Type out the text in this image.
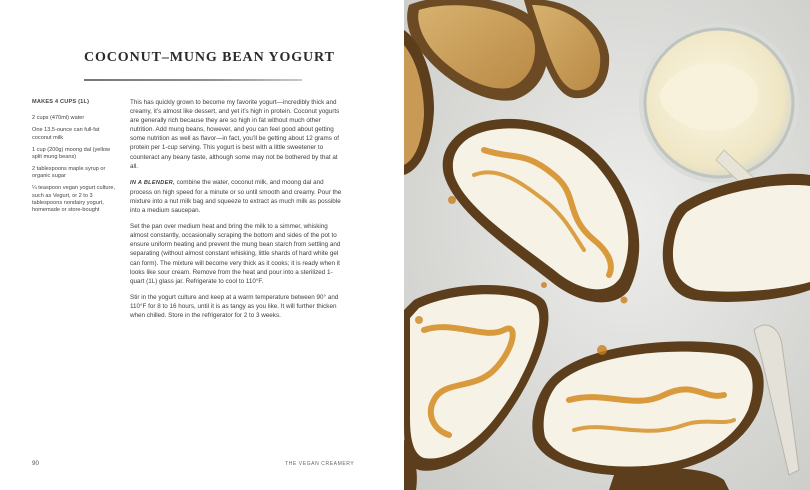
COCONUT–MUNG BEAN YOGURT
MAKES 4 CUPS (1L)
2 cups (470ml) water
One 13.5-ounce can full-fat coconut milk
1 cup (200g) moong dal (yellow split mung beans)
2 tablespoons maple syrup or organic sugar
¼ teaspoon vegan yogurt culture, such as Vegurt, or 2 to 3 tablespoons nondairy yogurt, homemade or store-bought

This has quickly grown to become my favorite yogurt—incredibly thick and creamy, it’s almost like dessert, and yet it’s high in protein. Coconut yogurts are generally rich because they are so high in fat without much other nutrition. Add mung beans, however, and you can feel good about getting some nutrition as well as flavor—in fact, you’ll be getting about 12 grams of protein per 1-cup serving. This yogurt is best with a little sweetener to counteract any beany taste, although some may not be bothered by that at all.

IN A BLENDER, combine the water, coconut milk, and moong dal and process on high speed for a minute or so until smooth and creamy. Pour the mixture into a nut milk bag and squeeze to extract as much milk as possible into a medium saucepan.

Set the pan over medium heat and bring the milk to a simmer, whisking almost constantly, occasionally scraping the bottom and sides of the pot to ensure uniform heating and prevent the mung bean starch from settling and separating (without almost constant whisking, little shards of hard white gel can form). The mixture will become very thick as it cooks; it is ready when it looks like sour cream. Remove from the heat and pour into a sterilized 1-quart (1L) glass jar. Refrigerate to cool to 110°F.

Stir in the yogurt culture and keep at a warm temperature between 90° and 110°F for 8 to 16 hours, until it is as tangy as you like. It will further thicken when chilled. Store in the refrigerator for 2 to 3 weeks.

90	THE VEGAN CREAMERY
